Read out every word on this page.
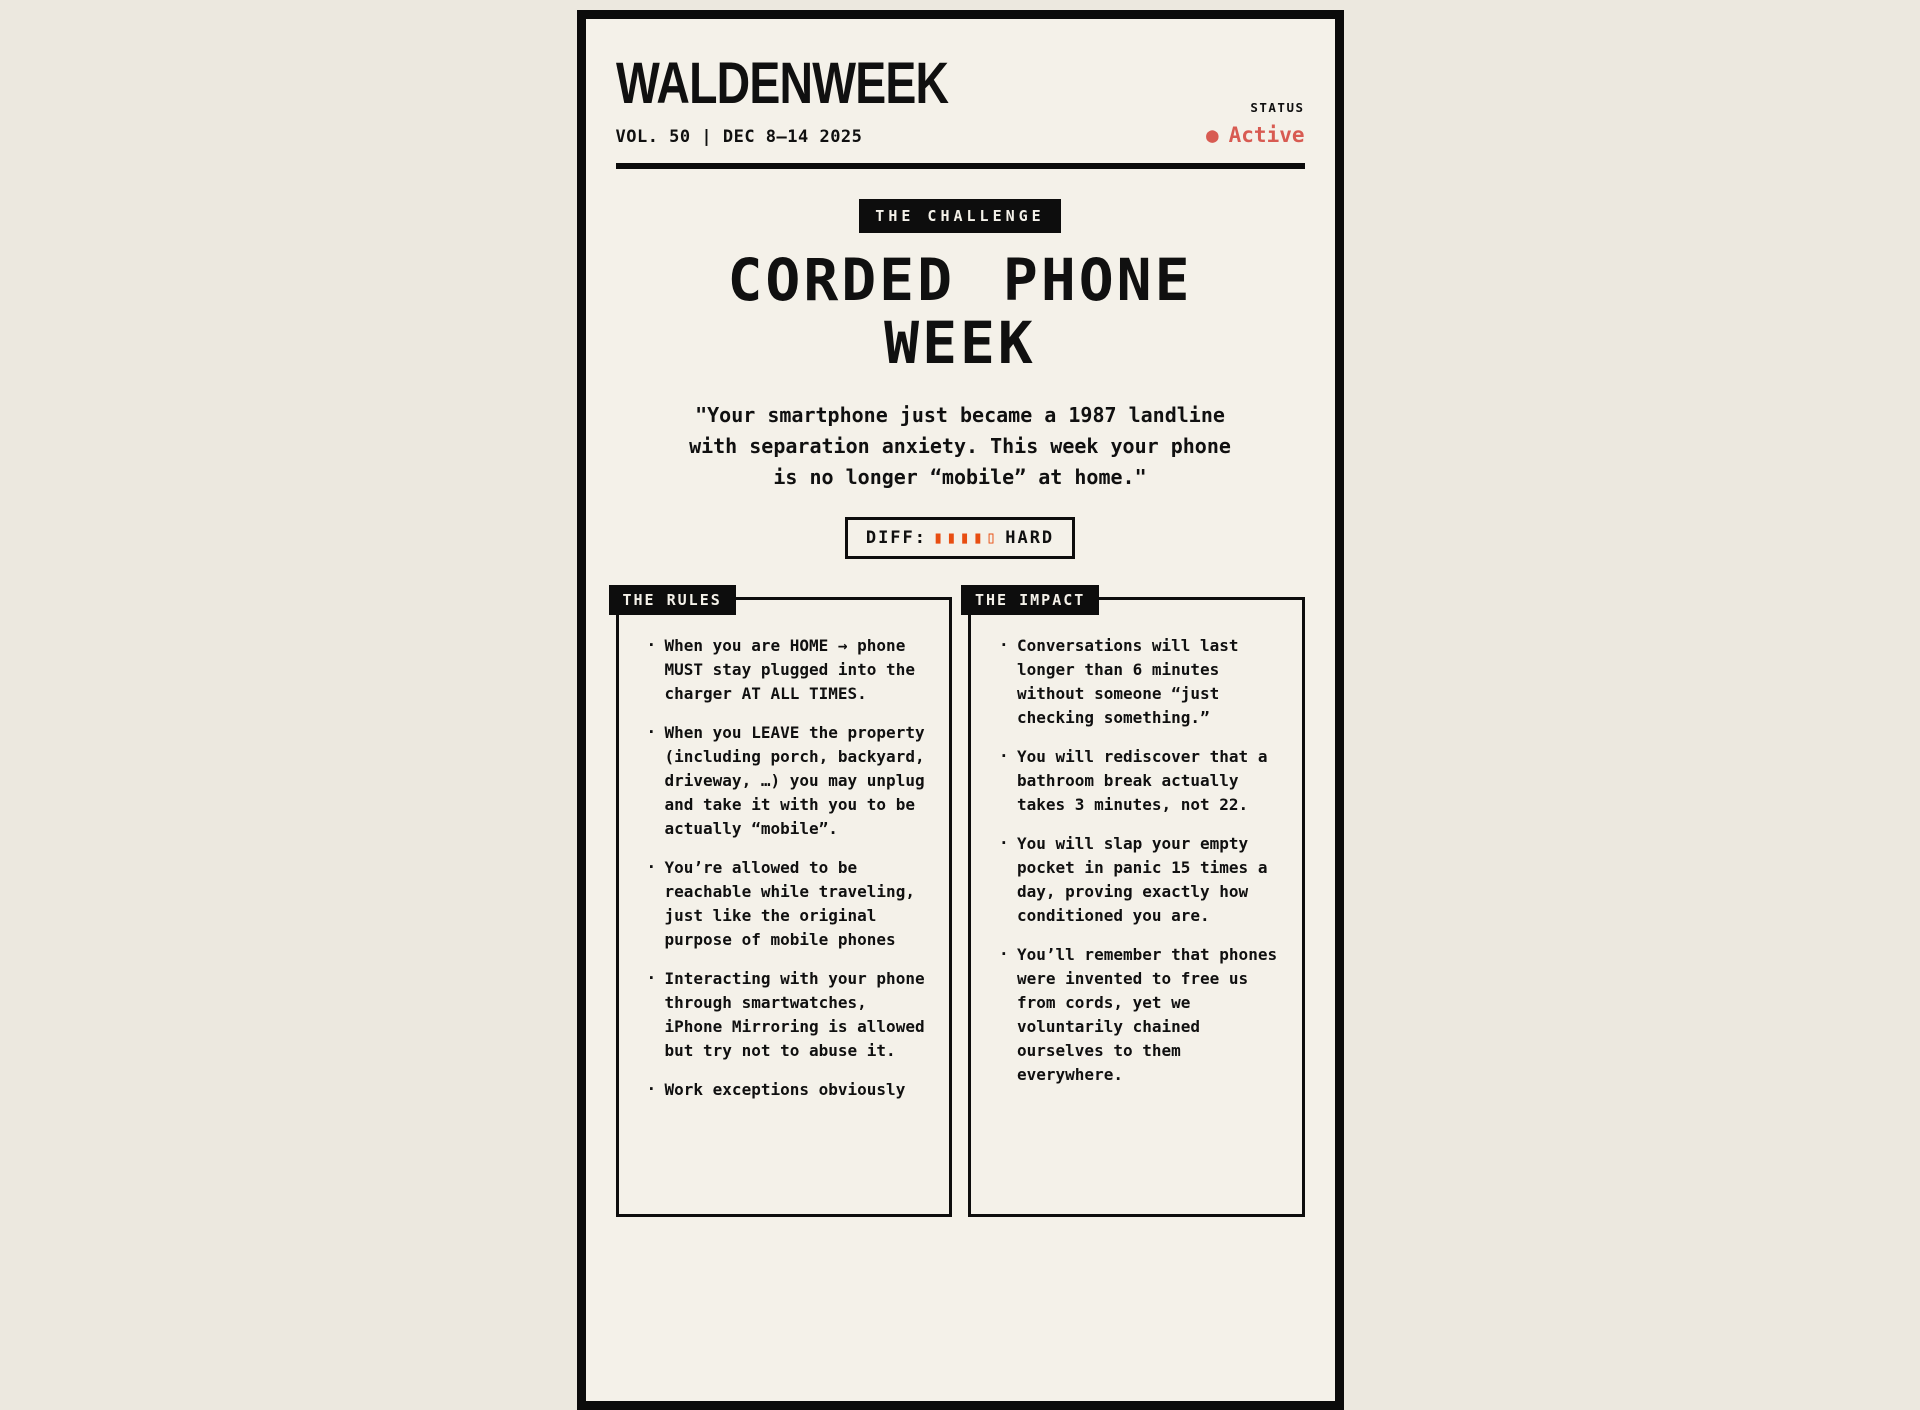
WALDENWEEK
VOL. 50 | DEC 8–14 2025
STATUS
● Active
THE CHALLENGE
CORDED PHONE WEEK

"Your smartphone just became a 1987 landline with separation anxiety. This week your phone is no longer “mobile” at home."

DIFF: ▮▮▮▮▯ HARD
THE RULES
· When you are HOME → phone MUST stay plugged into the charger AT ALL TIMES.
· When you LEAVE the property (including porch, backyard, driveway, …) you may unplug and take it with you to be actually “mobile”.
· You’re allowed to be reachable while traveling, just like the original purpose of mobile phones
· Interacting with your phone through smartwatches, iPhone Mirroring is allowed but try not to abuse it.
· Work exceptions obviously
THE IMPACT
· Conversations will last longer than 6 minutes without someone “just checking something.”
· You will rediscover that a bathroom break actually takes 3 minutes, not 22.
· You will slap your empty pocket in panic 15 times a day, proving exactly how conditioned you are.
· You’ll remember that phones were invented to free us from cords, yet we voluntarily chained ourselves to them everywhere.
